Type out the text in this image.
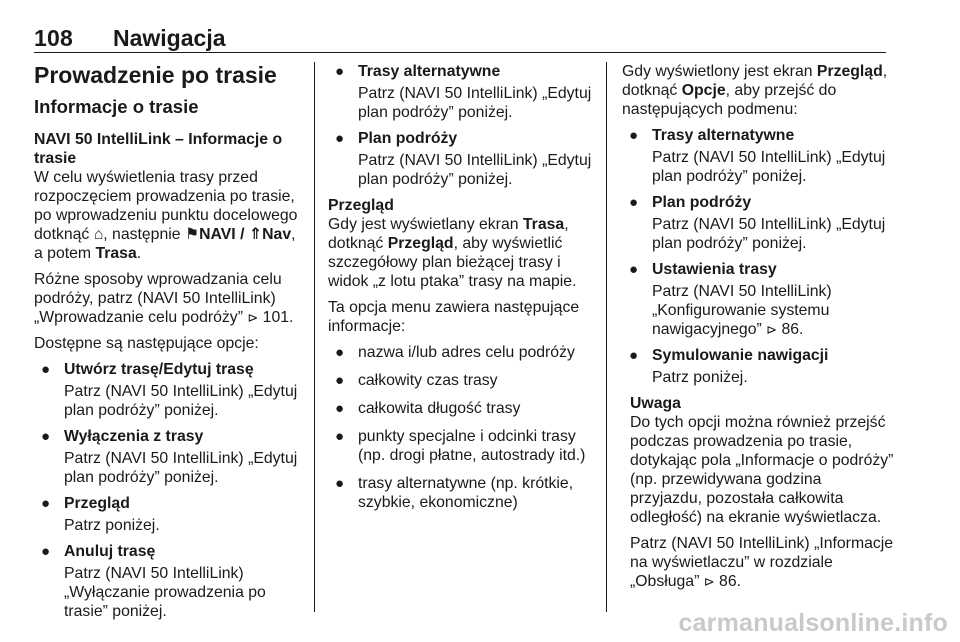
108 Nawigacja
Prowadzenie po trasie
Informacje o trasie
NAVI 50 IntelliLink – Informacje o trasie

W celu wyświetlenia trasy przed rozpoczęciem prowadzenia po trasie, po wprowadzeniu punktu docelowego dotknąć ⌂, następnie ⚑NAVI / ⇑Nav, a potem Trasa.

Różne sposoby wprowadzania celu podróży, patrz (NAVI 50 IntelliLink) „Wprowadzanie celu podróży” ⊳ 101.

Dostępne są następujące opcje:

● Utwórz trasę/Edytuj trasę
Patrz (NAVI 50 IntelliLink) „Edytuj plan podróży” poniżej.
● Wyłączenia z trasy
Patrz (NAVI 50 IntelliLink) „Edytuj plan podróży” poniżej.
● Przegląd
Patrz poniżej.
● Anuluj trasę
Patrz (NAVI 50 IntelliLink) „Wyłączanie prowadzenia po trasie” poniżej.
● Trasy alternatywne
Patrz (NAVI 50 IntelliLink) „Edytuj plan podróży” poniżej.
● Plan podróży
Patrz (NAVI 50 IntelliLink) „Edytuj plan podróży” poniżej.
Przegląd

Gdy jest wyświetlany ekran Trasa, dotknąć Przegląd, aby wyświetlić szczegółowy plan bieżącej trasy i widok „z lotu ptaka” trasy na mapie.

Ta opcja menu zawiera następujące informacje:

● nazwa i/lub adres celu podróży
● całkowity czas trasy
● całkowita długość trasy
● punkty specjalne i odcinki trasy (np. drogi płatne, autostrady itd.)
● trasy alternatywne (np. krótkie, szybkie, ekonomiczne)

Gdy wyświetlony jest ekran Przegląd, dotknąć Opcje, aby przejść do następujących podmenu:

● Trasy alternatywne
Patrz (NAVI 50 IntelliLink) „Edytuj plan podróży” poniżej.
● Plan podróży
Patrz (NAVI 50 IntelliLink) „Edytuj plan podróży” poniżej.
● Ustawienia trasy
Patrz (NAVI 50 IntelliLink) „Konfigurowanie systemu nawigacyjnego” ⊳ 86.
● Symulowanie nawigacji
Patrz poniżej.
Uwaga

Do tych opcji można również przejść podczas prowadzenia po trasie, dotykając pola „Informacje o podróży” (np. przewidywana godzina przyjazdu, pozostała całkowita odległość) na ekranie wyświetlacza.

Patrz (NAVI 50 IntelliLink) „Informacje na wyświetlaczu” w rozdziale „Obsługa” ⊳ 86.

carmanualsonline.info
